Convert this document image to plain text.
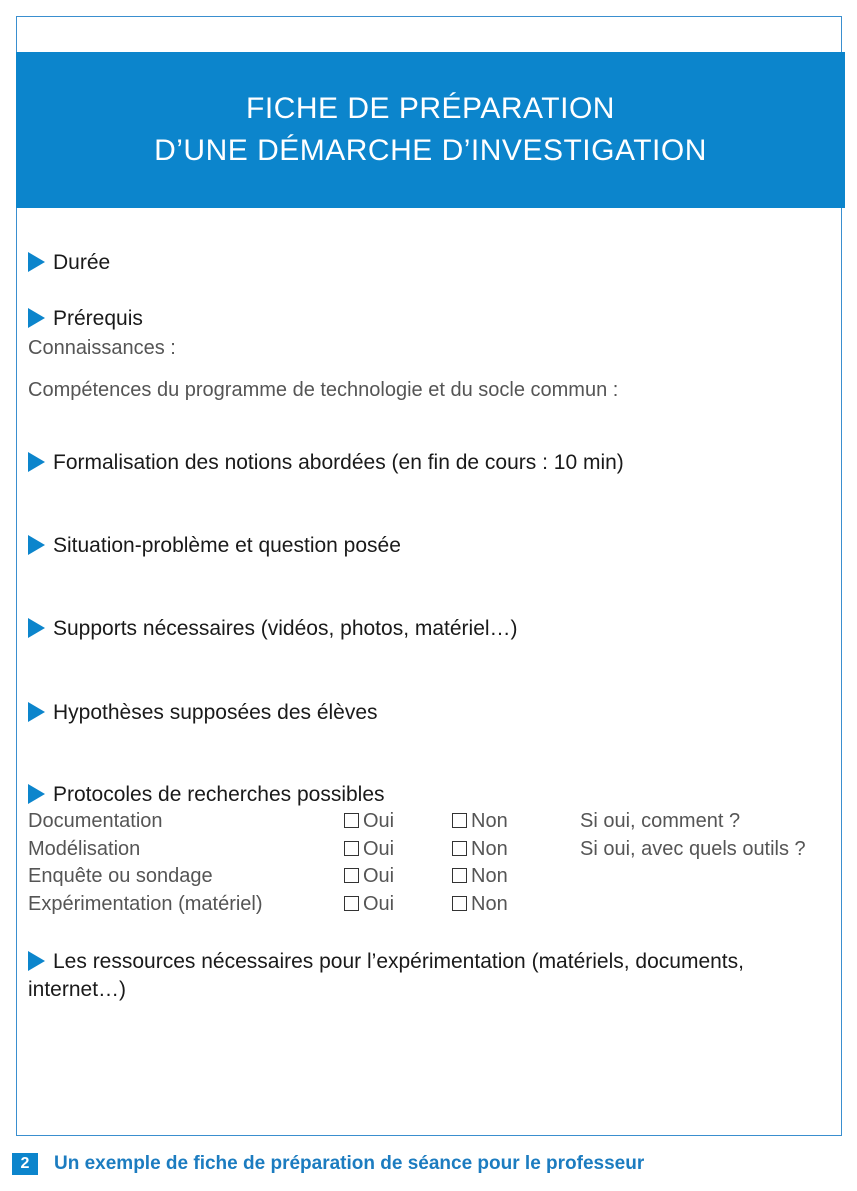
FICHE DE PRÉPARATION
D’UNE DÉMARCHE D’INVESTIGATION
Durée
Prérequis
Connaissances :
Compétences du programme de technologie et du socle commun :
Formalisation des notions abordées (en fin de cours : 10 min)
Situation-problème et question posée
Supports nécessaires (vidéos, photos, matériel…)
Hypothèses supposées des élèves
Protocoles de recherches possibles
Documentation	Oui	Non	Si oui, comment ?
Modélisation	Oui	Non	Si oui, avec quels outils ?
Enquête ou sondage	Oui	Non
Expérimentation (matériel)	Oui	Non
Les ressources nécessaires pour l’expérimentation (matériels, documents, internet…)
2	Un exemple de fiche de préparation de séance pour le professeur
